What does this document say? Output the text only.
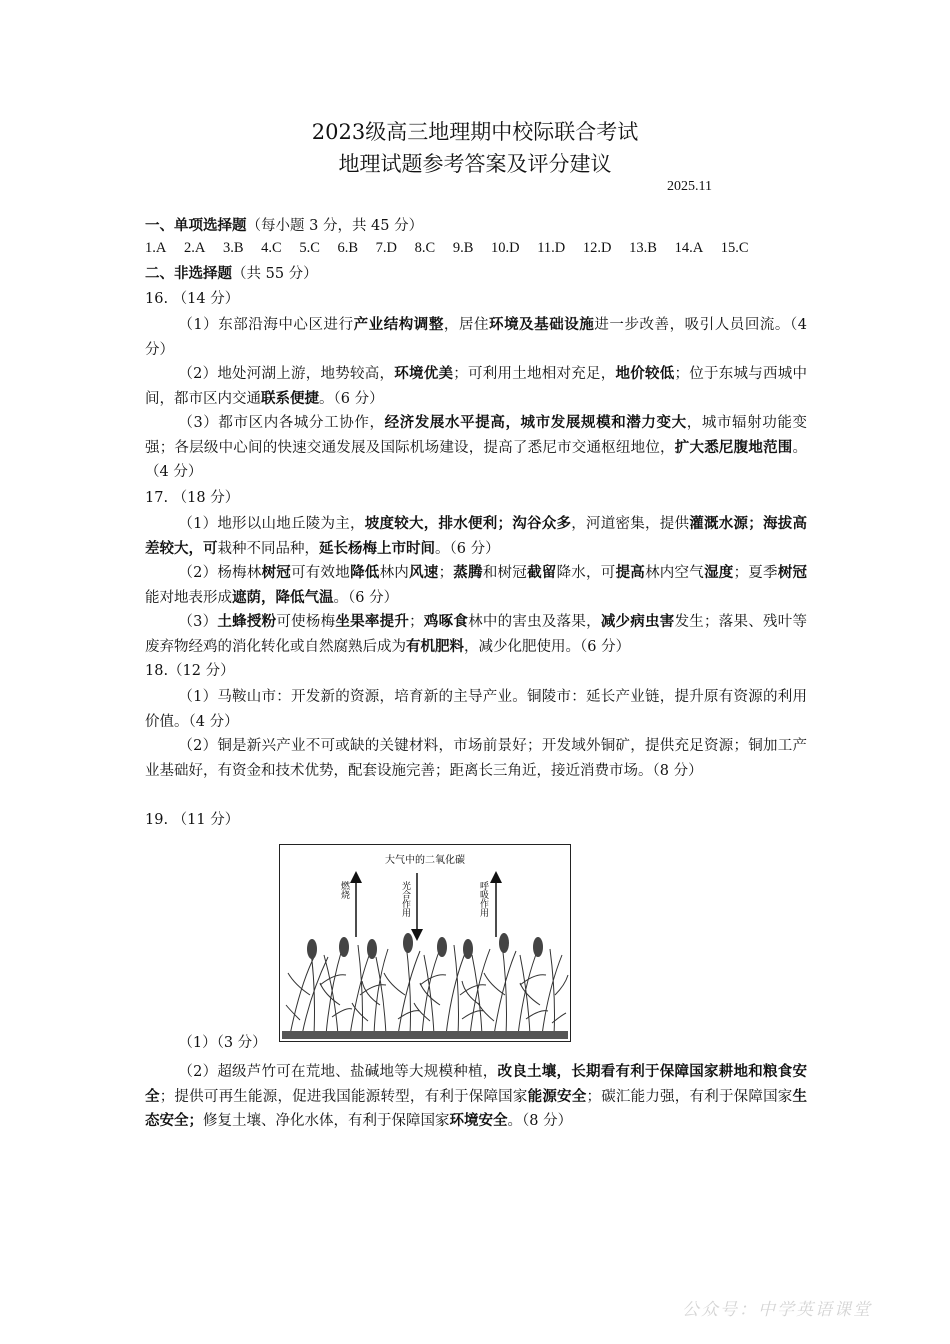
2023级高三地理期中校际联合考试
地理试题参考答案及评分建议
2025.11
一、单项选择题（每小题 3 分，共 45 分）
1.A 2.A 3.B 4.C 5.C 6.B 7.D 8.C 9.B 10.D 11.D 12.D 13.B 14.A 15.C
二、非选择题（共 55 分）
16. （14 分）
（1）东部沿海中心区进行产业结构调整，居住环境及基础设施进一步改善，吸引人员回流。（4 分）
（2）地处河湖上游，地势较高，环境优美；可利用土地相对充足，地价较低；位于东城与西城中间，都市区内交通联系便捷。（6 分）
（3）都市区内各城分工协作，经济发展水平提高，城市发展规模和潜力变大，城市辐射功能变强；各层级中心间的快速交通发展及国际机场建设，提高了悉尼市交通枢纽地位，扩大悉尼腹地范围。（4 分）
17. （18 分）
（1）地形以山地丘陵为主，坡度较大，排水便利；沟谷众多，河道密集，提供灌溉水源；海拔高差较大，可栽种不同品种，延长杨梅上市时间。（6 分）
（2）杨梅林树冠可有效地降低林内风速；蒸腾和树冠截留降水，可提高林内空气湿度；夏季树冠能对地表形成遮荫，降低气温。（6 分）
（3）土蜂授粉可使杨梅坐果率提升；鸡啄食林中的害虫及落果，减少病虫害发生；落果、残叶等废弃物经鸡的消化转化或自然腐熟后成为有机肥料，减少化肥使用。（6 分）
18.（12 分）
（1）马鞍山市：开发新的资源，培育新的主导产业。铜陵市：延长产业链，提升原有资源的利用价值。（4 分）
（2）铜是新兴产业不可或缺的关键材料，市场前景好；开发域外铜矿，提供充足资源；铜加工产业基础好，有资金和技术优势，配套设施完善；距离长三角近，接近消费市场。（8 分）
19. （11 分）
大气中的二氧化碳
燃烧	光合作用	呼吸作用
（1）（3 分）
（2）超级芦竹可在荒地、盐碱地等大规模种植，改良土壤，长期看有利于保障国家耕地和粮食安全；提供可再生能源，促进我国能源转型，有利于保障国家能源安全；碳汇能力强，有利于保障国家生态安全；修复土壤、净化水体，有利于保障国家环境安全。（8 分）
公众号：中学英语课堂
